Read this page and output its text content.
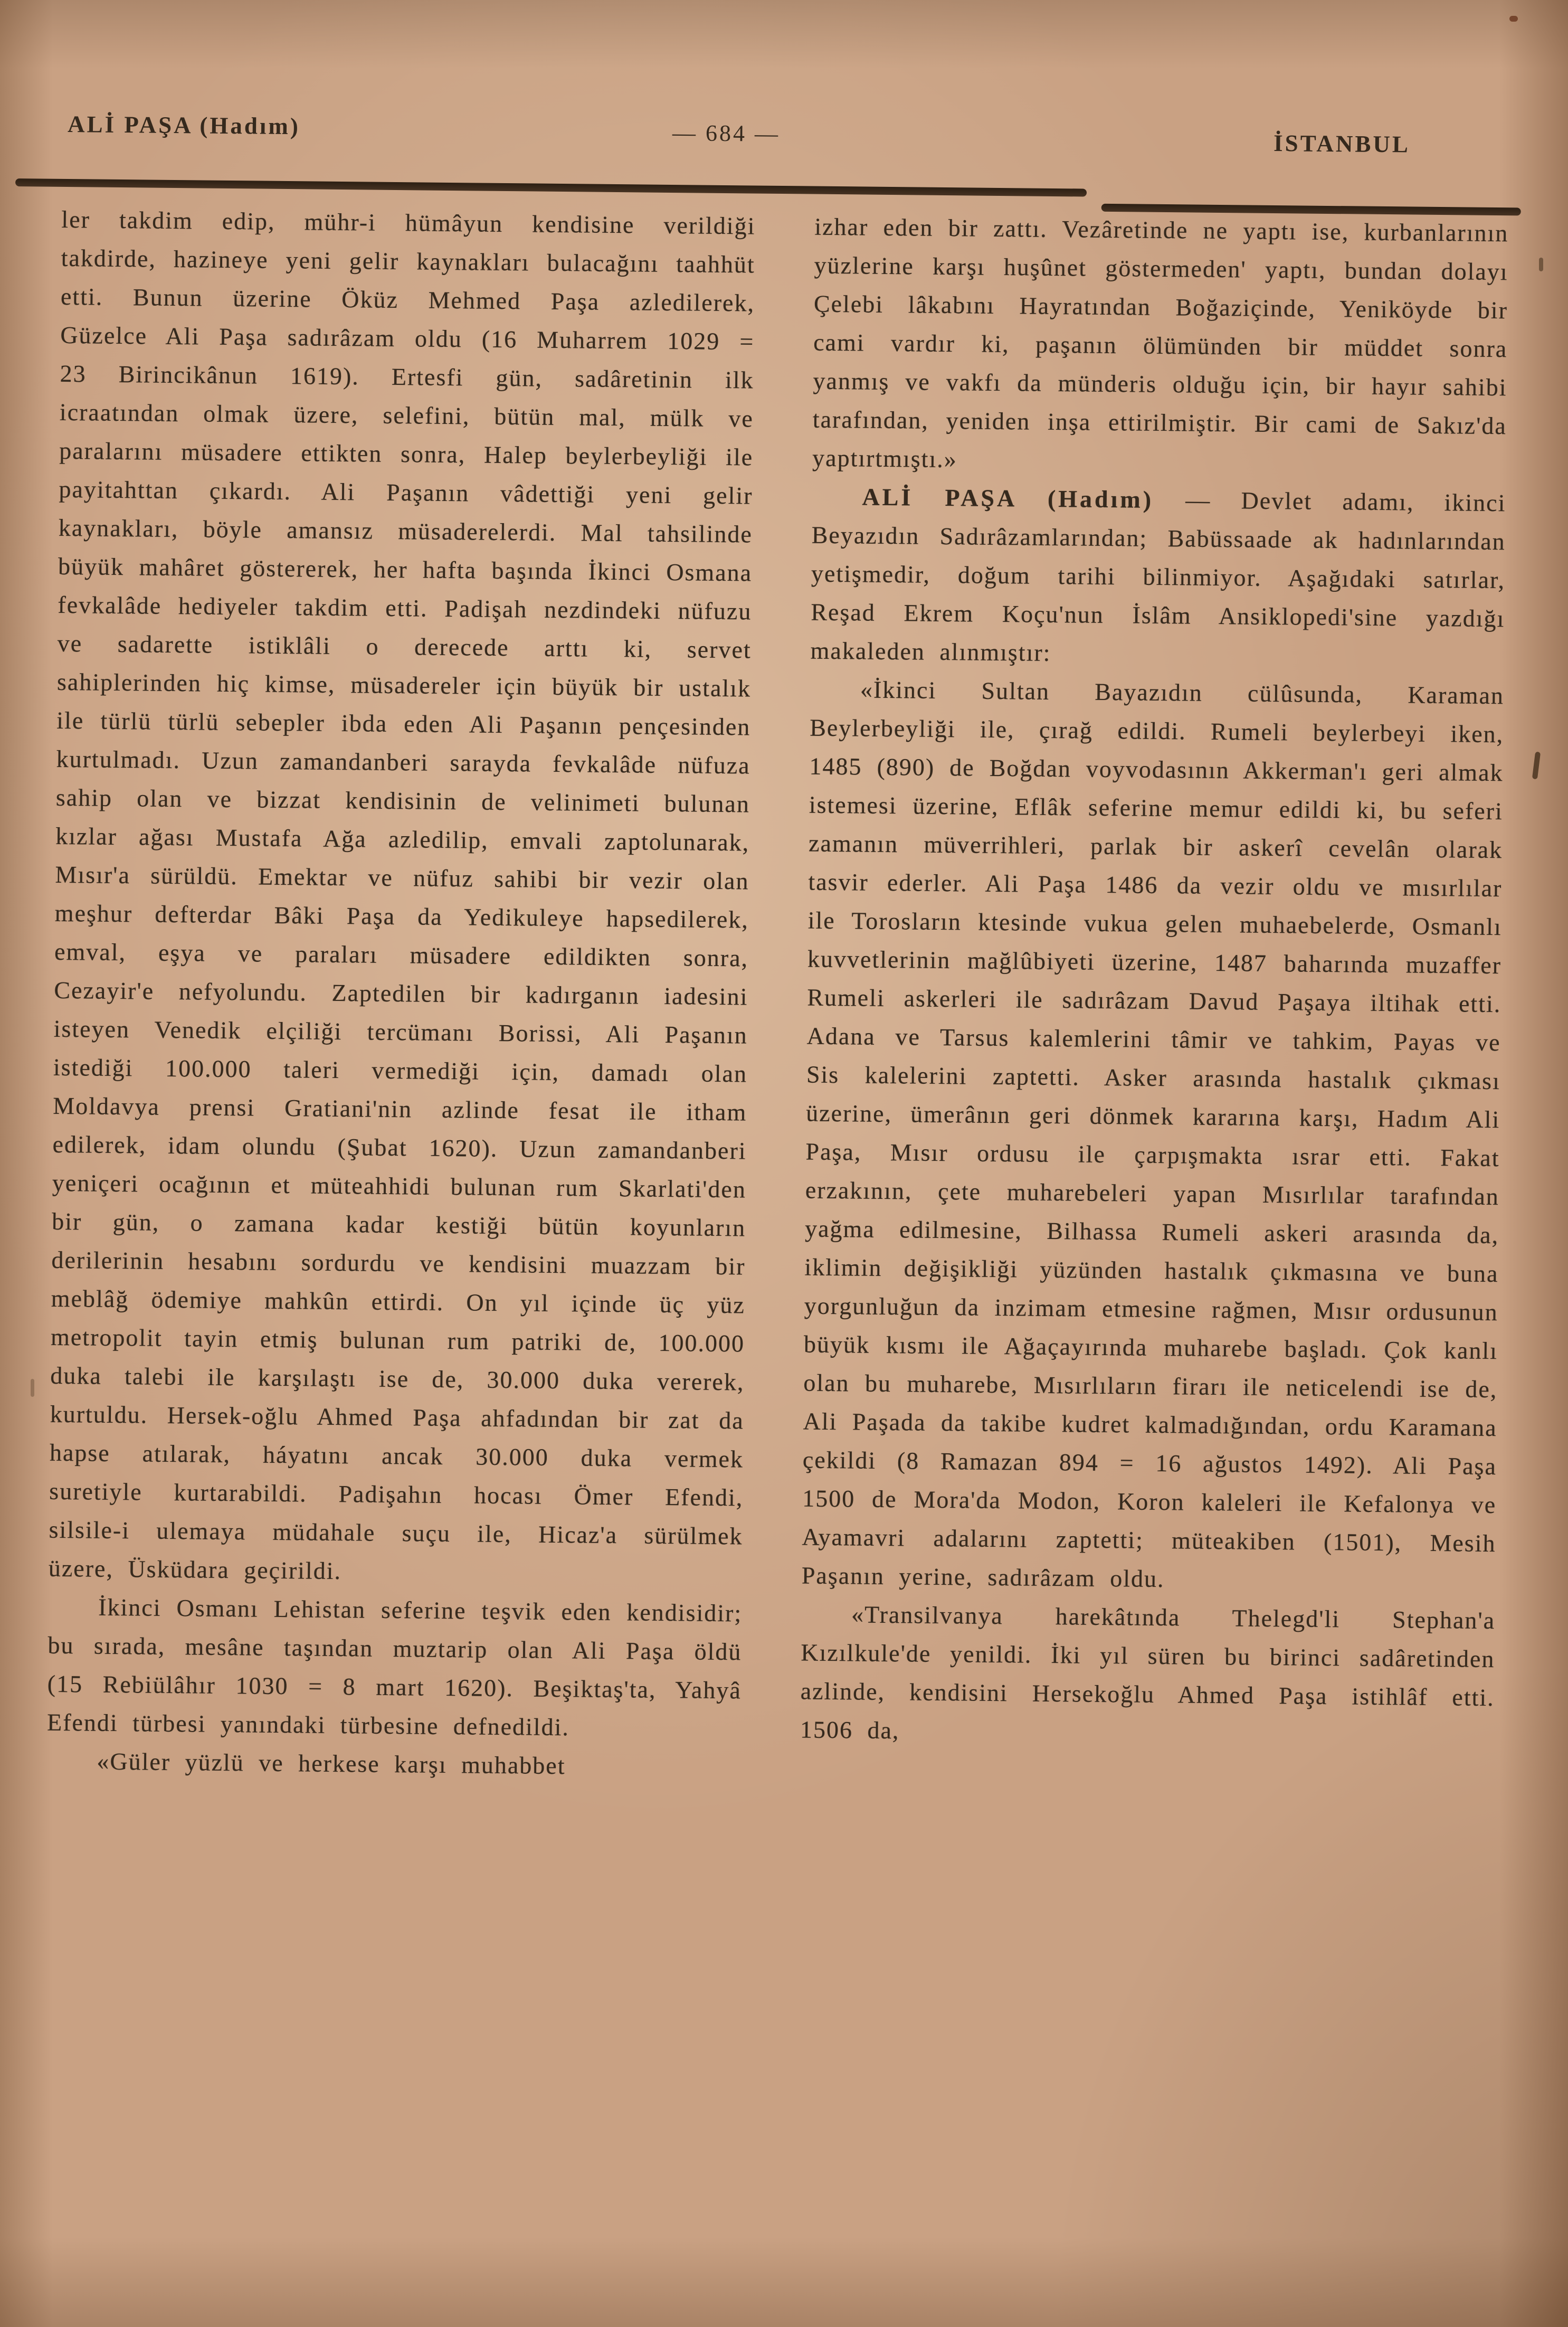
ALİ PAŞA (Hadım)	— 684 —	İSTANBUL

ler takdim edip, mühr-i hümâyun kendisine verildiği takdirde, hazineye yeni gelir kaynakları bulacağını taahhüt etti. Bunun üzerine Öküz Mehmed Paşa azledilerek, Güzelce Ali Paşa sadırâzam oldu (16 Muharrem 1029 = 23 Birincikânun 1619). Ertesfi gün, sadâretinin ilk icraatından olmak üzere, selefini, bütün mal, mülk ve paralarını müsadere ettikten sonra, Halep beylerbeyliği ile payitahttan çıkardı. Ali Paşanın vâdettiği yeni gelir kaynakları, böyle amansız müsaderelerdi. Mal tahsilinde büyük mahâret göstererek, her hafta başında İkinci Osmana fevkalâde hediyeler takdim etti. Padişah nezdindeki nüfuzu ve sadarette istiklâli o derecede arttı ki, servet sahiplerinden hiç kimse, müsadereler için büyük bir ustalık ile türlü türlü sebepler ibda eden Ali Paşanın pençesinden kurtulmadı. Uzun zamandanberi sarayda fevkalâde nüfuza sahip olan ve bizzat kendisinin de velinimeti bulunan kızlar ağası Mustafa Ağa azledilip, emvali zaptolunarak, Mısır'a sürüldü. Emektar ve nüfuz sahibi bir vezir olan meşhur defterdar Bâki Paşa da Yedikuleye hapsedilerek, emval, eşya ve paraları müsadere edildikten sonra, Cezayir'e nefyolundu. Zaptedilen bir kadırganın iadesini isteyen Venedik elçiliği tercümanı Borissi, Ali Paşanın istediği 100.000 taleri vermediği için, damadı olan Moldavya prensi Gratiani'nin azlinde fesat ile itham edilerek, idam olundu (Şubat 1620). Uzun zamandanberi yeniçeri ocağının et müteahhidi bulunan rum Skarlati'den bir gün, o zamana kadar kestiği bütün koyunların derilerinin hesabını sordurdu ve kendisini muazzam bir meblâğ ödemiye mahkûn ettirdi. On yıl içinde üç yüz metropolit tayin etmiş bulunan rum patriki de, 100.000 duka talebi ile karşılaştı ise de, 30.000 duka vererek, kurtuldu. Hersek-oğlu Ahmed Paşa ahfadından bir zat da hapse atılarak, háyatını ancak 30.000 duka vermek suretiyle kurtarabildi. Padişahın hocası Ömer Efendi, silsile-i ulemaya müdahale suçu ile, Hicaz'a sürülmek üzere, Üsküdara geçirildi.

İkinci Osmanı Lehistan seferine teşvik eden kendisidir; bu sırada, mesâne taşından muztarip olan Ali Paşa öldü (15 Rebiülâhır 1030 = 8 mart 1620). Beşiktaş'ta, Yahyâ Efendi türbesi yanındaki türbesine defnedildi.

«Güler yüzlü ve herkese karşı muhabbet

izhar eden bir zattı. Vezâretinde ne yaptı ise, kurbanlarının yüzlerine karşı huşûnet göstermeden' yaptı, bundan dolayı Çelebi lâkabını Hayratından Boğaziçinde, Yeniköyde bir cami vardır ki, paşanın ölümünden bir müddet sonra yanmış ve vakfı da münderis olduğu için, bir hayır sahibi tarafından, yeniden inşa ettirilmiştir. Bir cami de Sakız'da yaptırtmıştı.»

ALİ PAŞA (Hadım) — Devlet adamı, ikinci Beyazıdın Sadırâzamlarından; Babüssaade ak hadınlarından yetişmedir, doğum tarihi bilinmiyor. Aşağıdaki satırlar, Reşad Ekrem Koçu'nun İslâm Ansiklopedi'sine yazdığı makaleden alınmıştır:

«İkinci Sultan Bayazıdın cülûsunda, Karaman Beylerbeyliği ile, çırağ edildi. Rumeli beylerbeyi iken, 1485 (890) de Boğdan voyvodasının Akkerman'ı geri almak istemesi üzerine, Eflâk seferine memur edildi ki, bu seferi zamanın müverrihleri, parlak bir askerî cevelân olarak tasvir ederler. Ali Paşa 1486 da vezir oldu ve mısırlılar ile Torosların ktesinde vukua gelen muhaebelerde, Osmanlı kuvvetlerinin mağlûbiyeti üzerine, 1487 baharında muzaffer Rumeli askerleri ile sadırâzam Davud Paşaya iltihak etti. Adana ve Tarsus kalemlerini tâmir ve tahkim, Payas ve Sis kalelerini zaptetti. Asker arasında hastalık çıkması üzerine, ümerânın geri dönmek kararına karşı, Hadım Ali Paşa, Mısır ordusu ile çarpışmakta ısrar etti. Fakat erzakının, çete muharebeleri yapan Mısırlılar tarafından yağma edilmesine, Bilhassa Rumeli askeri arasında da, iklimin değişikliği yüzünden hastalık çıkmasına ve buna yorgunluğun da inzimam etmesine rağmen, Mısır ordusunun büyük kısmı ile Ağaçayırında muharebe başladı. Çok kanlı olan bu muharebe, Mısırlıların firarı ile neticelendi ise de, Ali Paşada da takibe kudret kalmadığından, ordu Karamana çekildi (8 Ramazan 894 = 16 ağustos 1492). Ali Paşa 1500 de Mora'da Modon, Koron kaleleri ile Kefalonya ve Ayamavri adalarını zaptetti; müteakiben (1501), Mesih Paşanın yerine, sadırâzam oldu.

«Transilvanya harekâtında Thelegd'li Stephan'a Kızılkule'de yenildi. İki yıl süren bu birinci sadâretinden azlinde, kendisini Hersekoğlu Ahmed Paşa istihlâf etti. 1506 da,
